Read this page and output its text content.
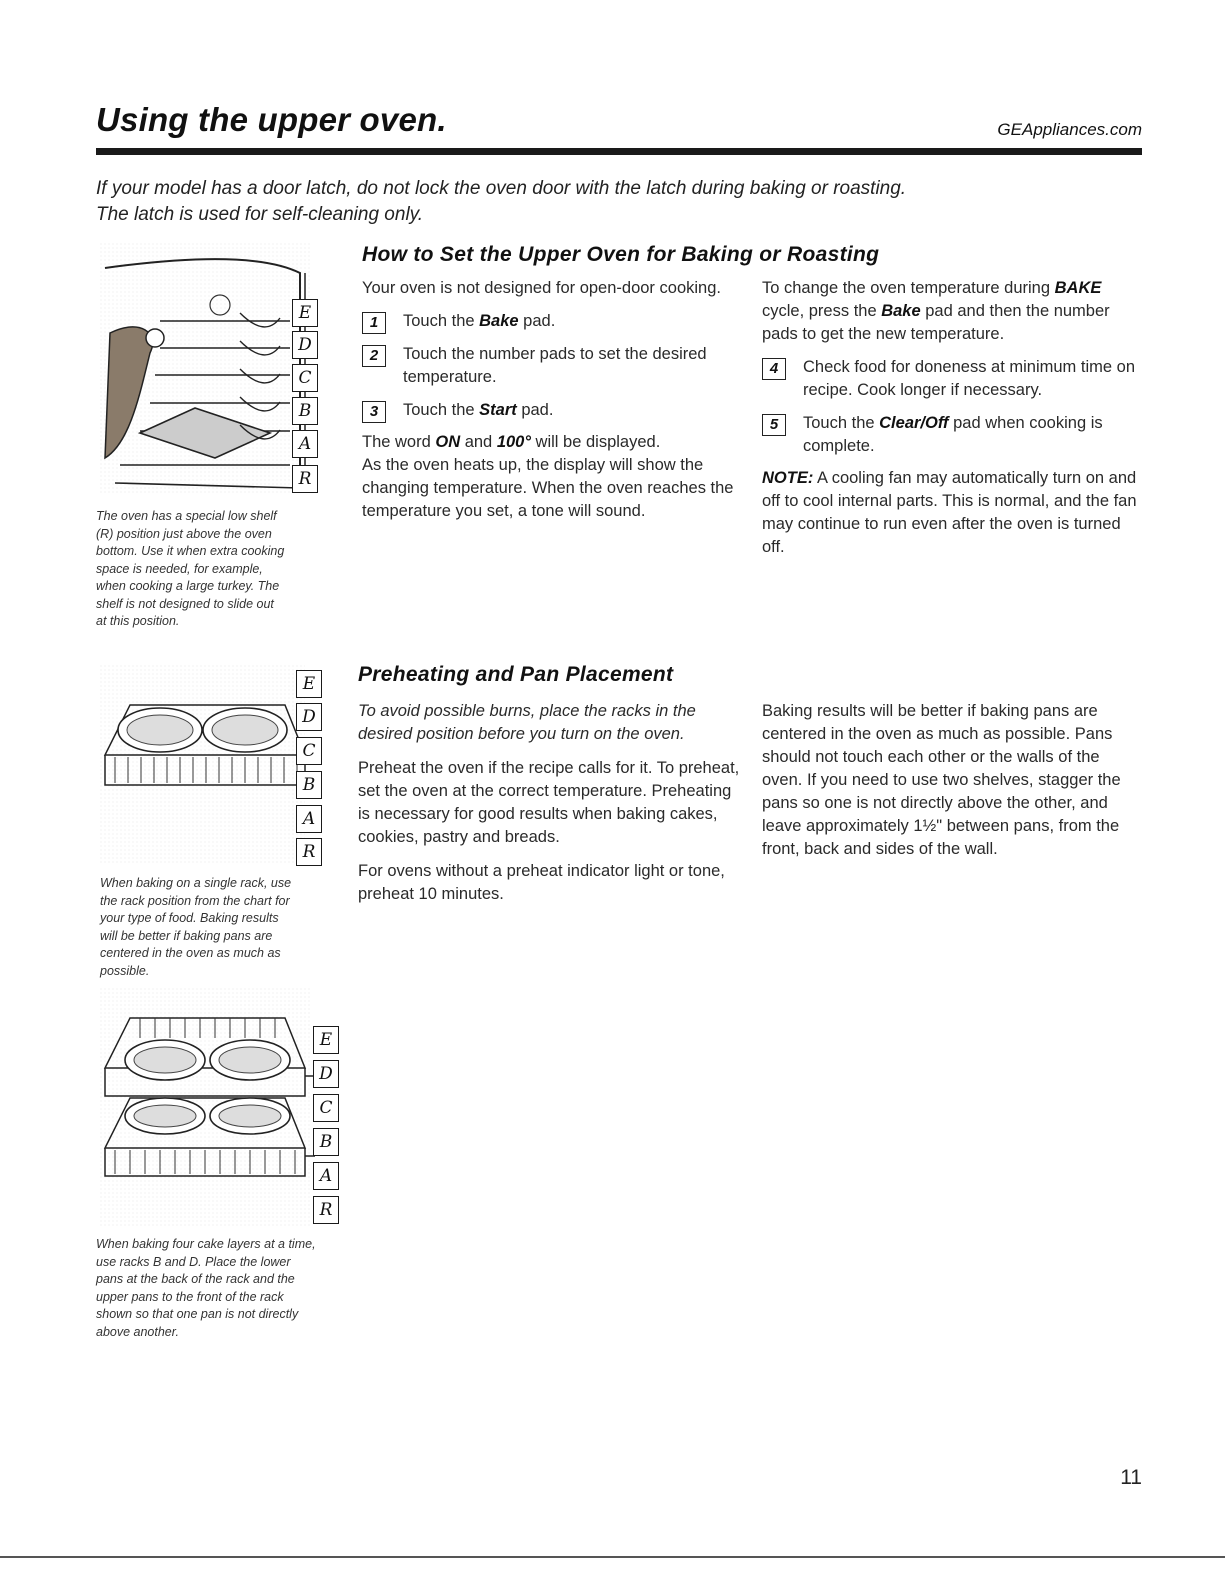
Using the upper oven.	GEAppliances.com
If your model has a door latch, do not lock the oven door with the latch during baking or roasting.
The latch is used for self-cleaning only.
E
D
C
B
A
R
The oven has a special low shelf
(R) position just above the oven
bottom. Use it when extra cooking
space is needed, for example,
when cooking a large turkey. The
shelf is not designed to slide out
at this position.
How to Set the Upper Oven for Baking or Roasting

Your oven is not designed for open-door cooking.

1	Touch the Bake pad.
2	Touch the number pads to set the desired temperature.
3	Touch the Start pad.

The word ON and 100° will be displayed.

As the oven heats up, the display will show the changing temperature. When the oven reaches the temperature you set, a tone will sound.

To change the oven temperature during BAKE cycle, press the Bake pad and then the number pads to get the new temperature.

4	Check food for doneness at minimum time on recipe. Cook longer if necessary.
5	Touch the Clear/Off pad when cooking is complete.

NOTE: A cooling fan may automatically turn on and off to cool internal parts. This is normal, and the fan may continue to run even after the oven is turned off.

E
D
C
B
A
R
When baking on a single rack, use
the rack position from the chart for
your type of food. Baking results
will be better if baking pans are
centered in the oven as much as
possible.
Preheating and Pan Placement

To avoid possible burns, place the racks in the desired position before you turn on the oven.

Preheat the oven if the recipe calls for it. To preheat, set the oven at the correct temperature. Preheating is necessary for good results when baking cakes, cookies, pastry and breads.

For ovens without a preheat indicator light or tone, preheat 10 minutes.

Baking results will be better if baking pans are centered in the oven as much as possible. Pans should not touch each other or the walls of the oven. If you need to use two shelves, stagger the pans so one is not directly above the other, and leave approximately 1½" between pans, from the front, back and sides of the wall.

E
D
C
B
A
R
When baking four cake layers at a time,
use racks B and D. Place the lower
pans at the back of the rack and the
upper pans to the front of the rack
shown so that one pan is not directly
above another.
11
